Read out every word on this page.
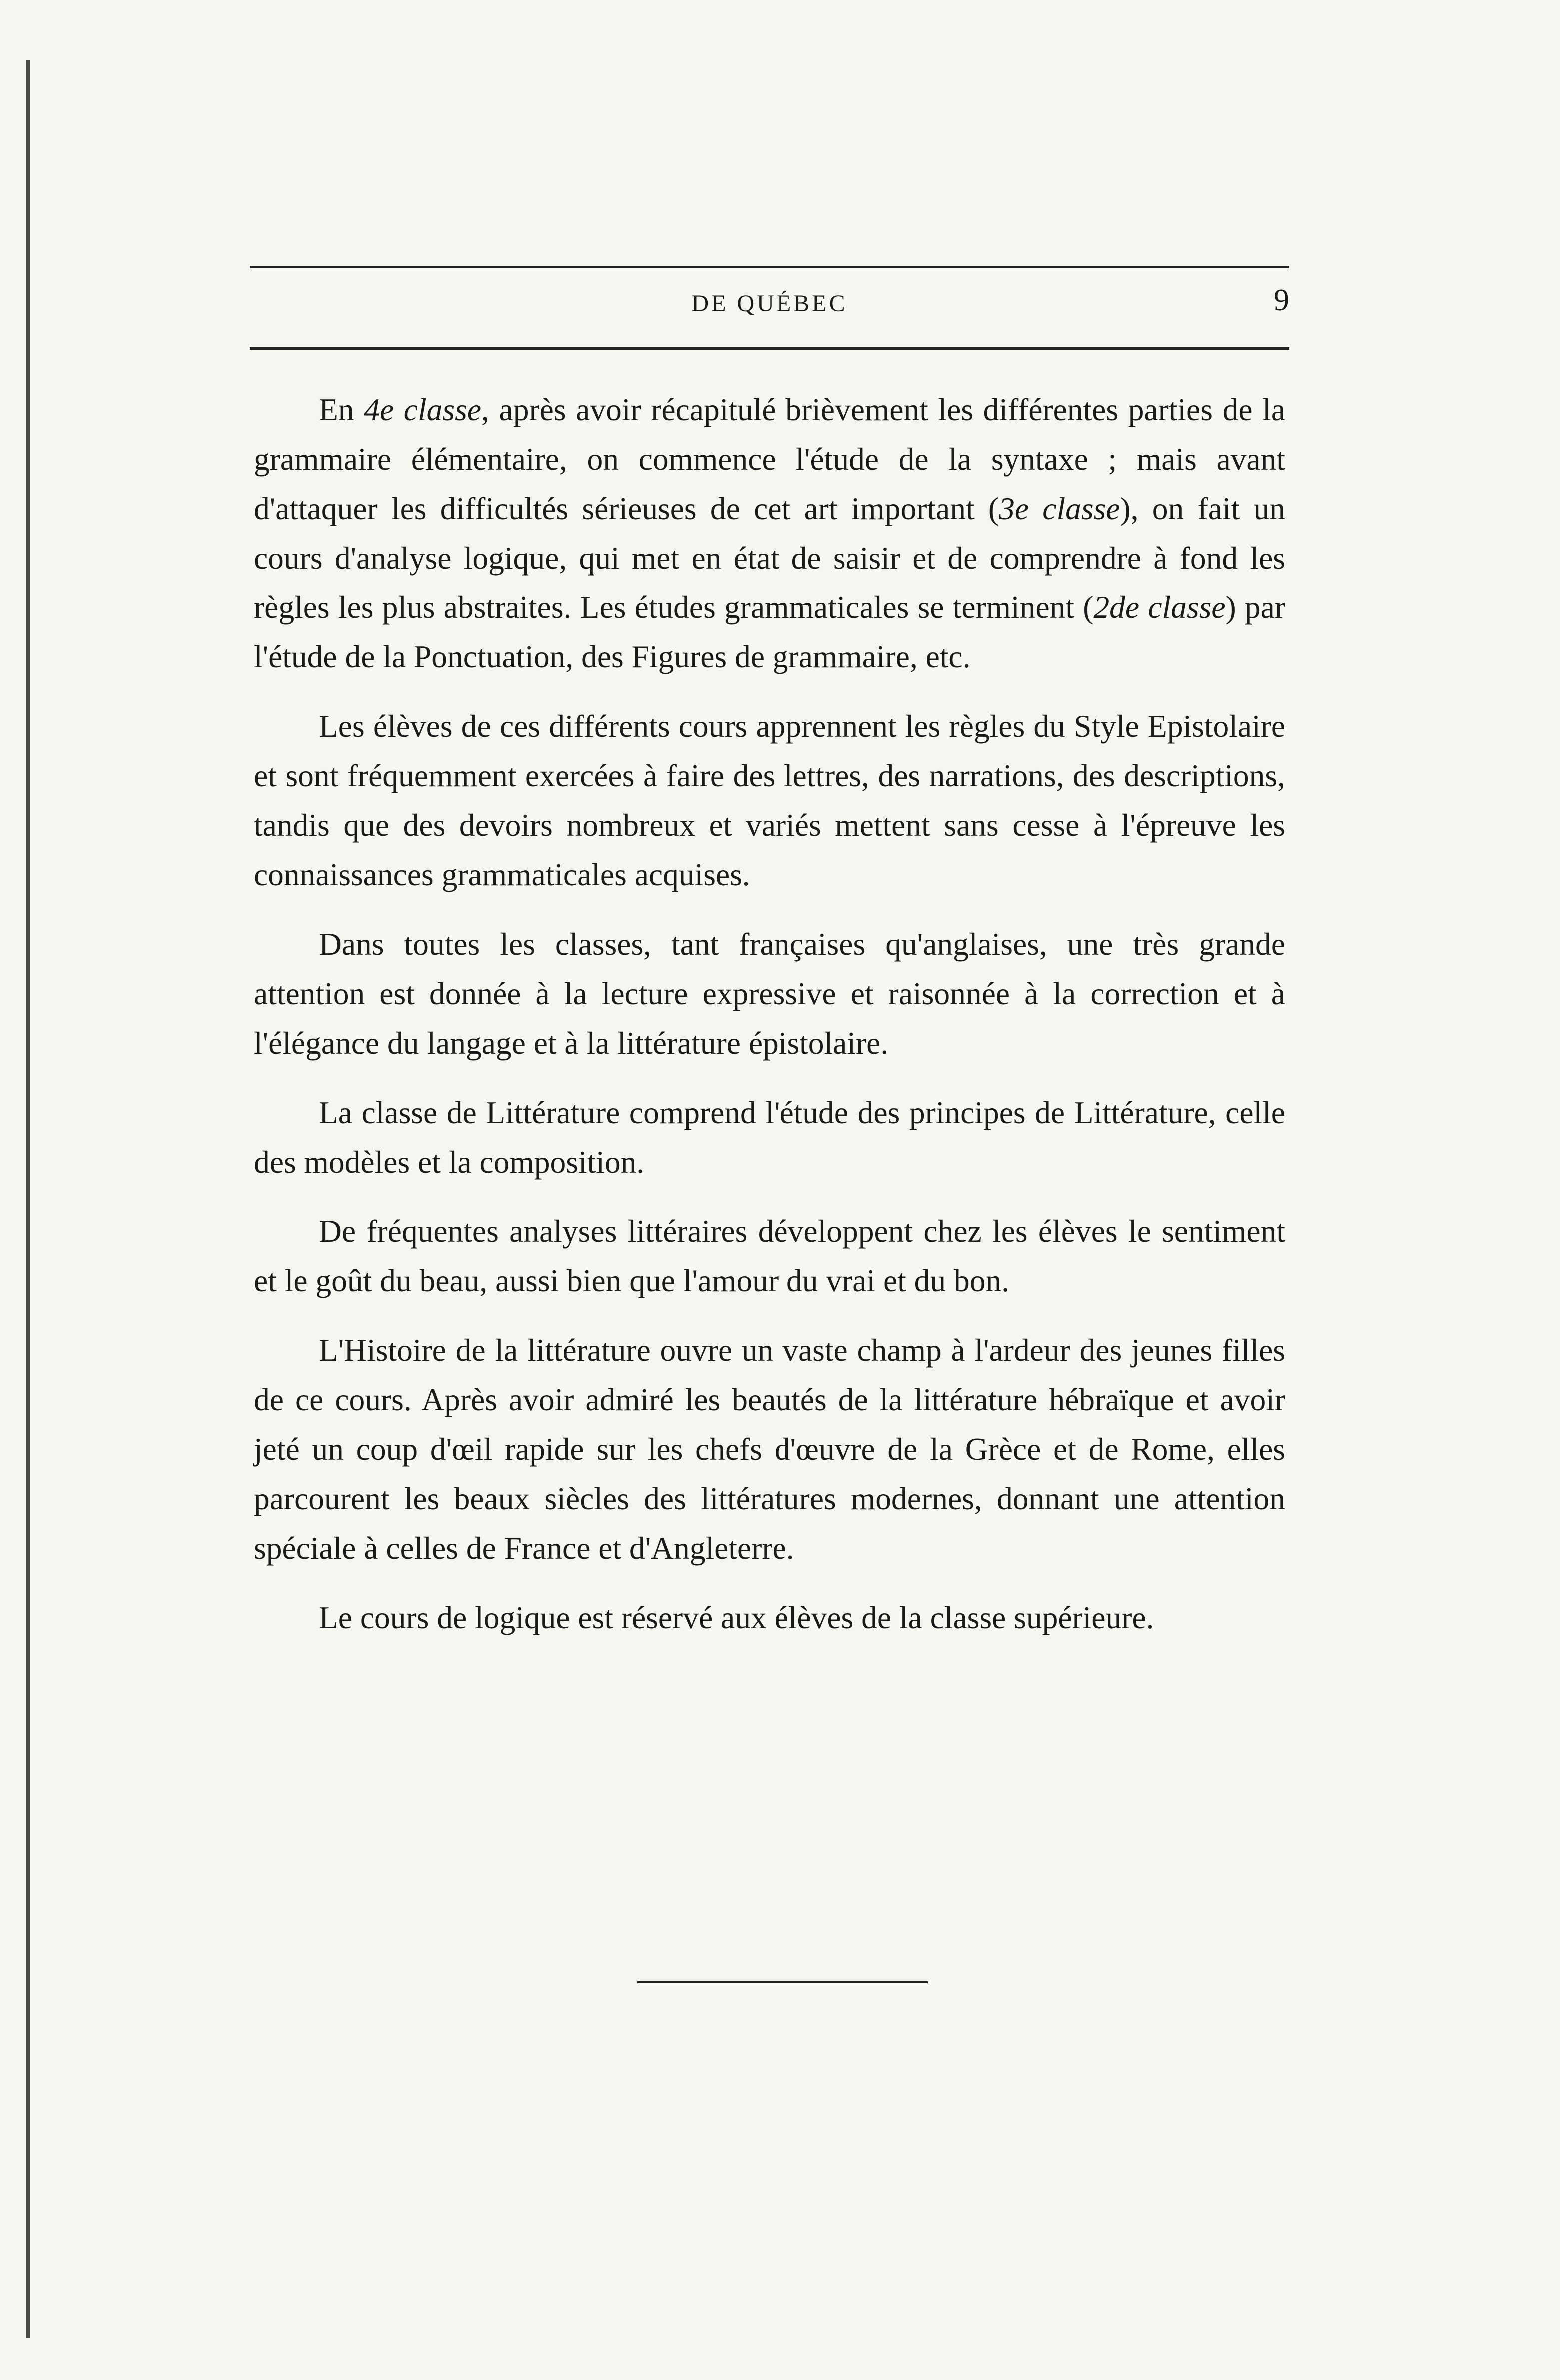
DE QUÉBEC	9

En 4e classe, après avoir récapitulé brièvement les différentes parties de la grammaire élémentaire, on commence l'étude de la syntaxe ; mais avant d'attaquer les difficultés sérieuses de cet art important (3e classe), on fait un cours d'analyse logique, qui met en état de saisir et de comprendre à fond les règles les plus abstraites. Les études grammaticales se terminent (2de classe) par l'étude de la Ponctuation, des Figures de grammaire, etc.

Les élèves de ces différents cours apprennent les règles du Style Epistolaire et sont fréquemment exercées à faire des lettres, des narrations, des descriptions, tandis que des devoirs nombreux et variés mettent sans cesse à l'épreuve les connaissances grammaticales acquises.

Dans toutes les classes, tant françaises qu'anglaises, une très grande attention est donnée à la lecture expressive et raisonnée à la correction et à l'élégance du langage et à la littérature épistolaire.

La classe de Littérature comprend l'étude des principes de Littérature, celle des modèles et la composition.

De fréquentes analyses littéraires développent chez les élèves le sentiment et le goût du beau, aussi bien que l'amour du vrai et du bon.

L'Histoire de la littérature ouvre un vaste champ à l'ardeur des jeunes filles de ce cours. Après avoir admiré les beautés de la littérature hébraïque et avoir jeté un coup d'œil rapide sur les chefs d'œuvre de la Grèce et de Rome, elles parcourent les beaux siècles des littératures modernes, donnant une attention spéciale à celles de France et d'Angleterre.

Le cours de logique est réservé aux élèves de la classe supérieure.
